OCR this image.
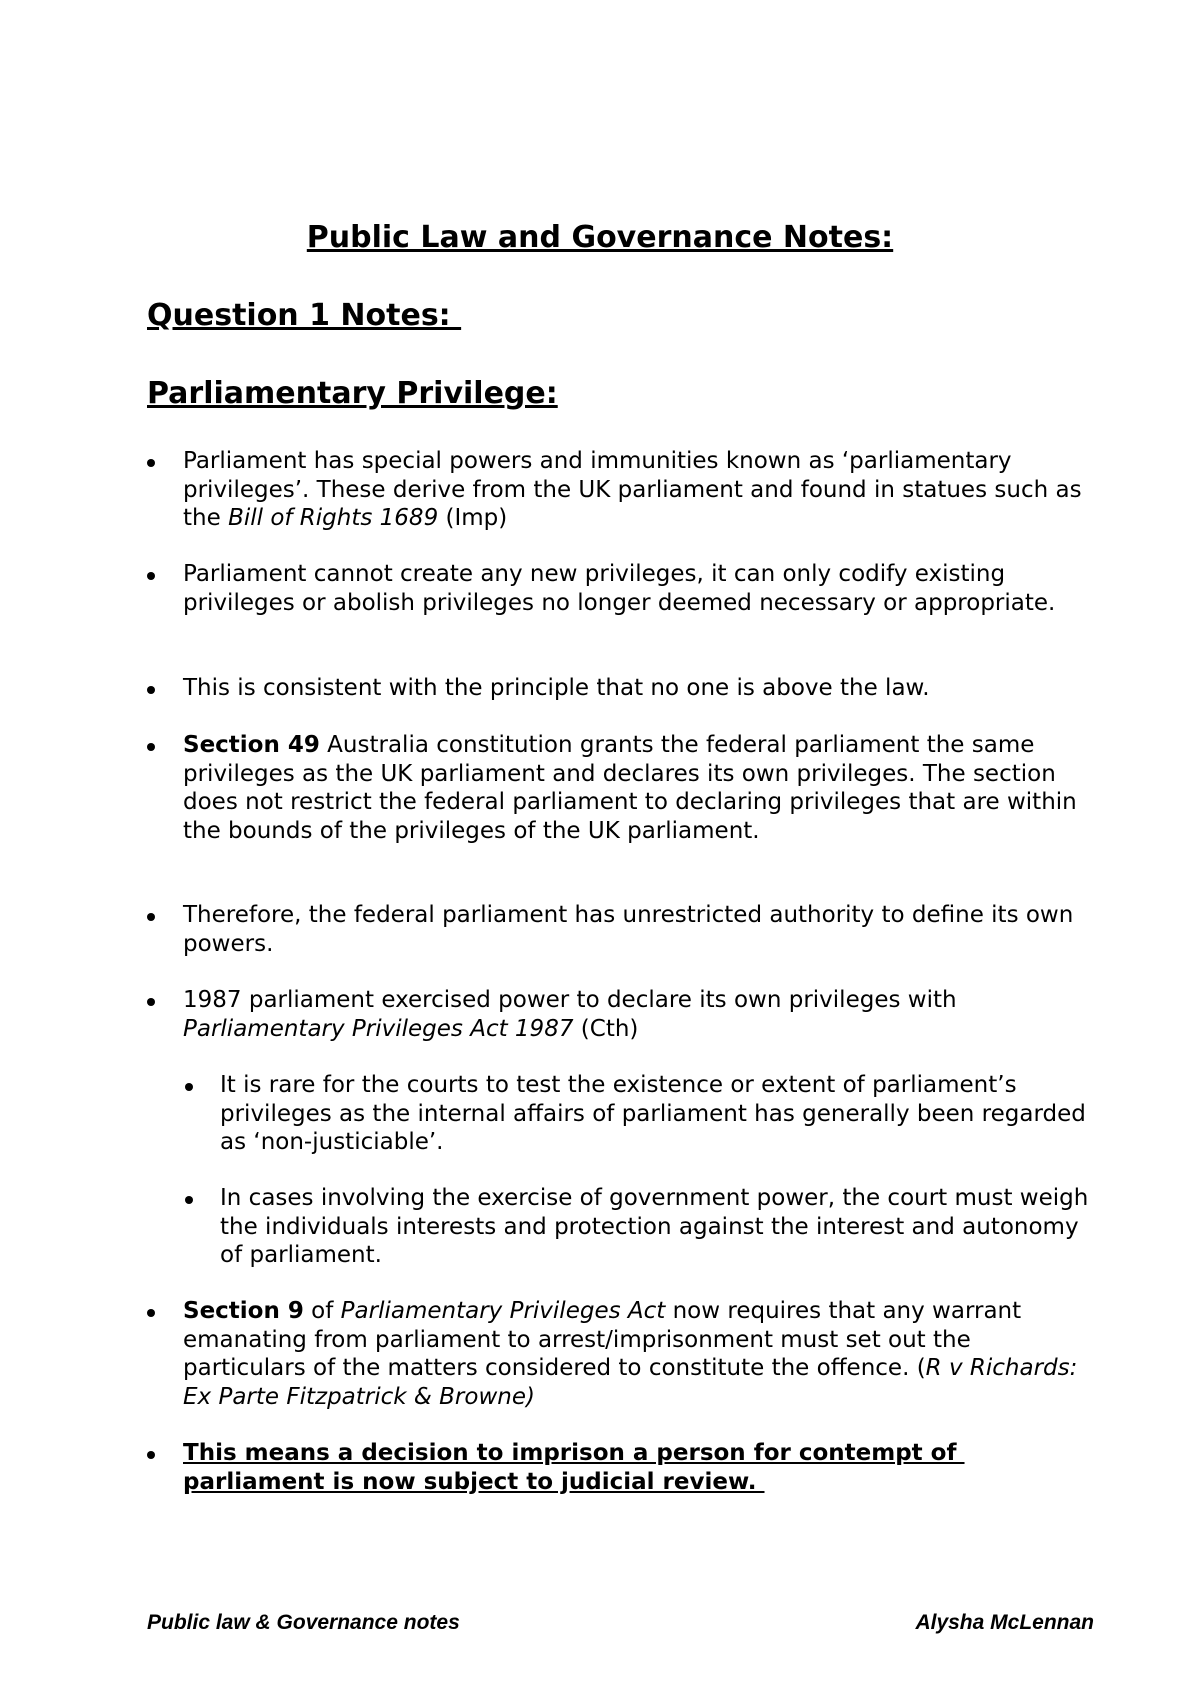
Public Law and Governance Notes:
Question 1 Notes:
Parliamentary Privilege:

Parliament has special powers and immunities known as ‘parliamentary privileges’. These derive from the UK parliament and found in statues such as the Bill of Rights 1689 (Imp)

Parliament cannot create any new privileges, it can only codify existing privileges or abolish privileges no longer deemed necessary or appropriate.

This is consistent with the principle that no one is above the law.

Section 49 Australia constitution grants the federal parliament the same privileges as the UK parliament and declares its own privileges. The section does not restrict the federal parliament to declaring privileges that are within the bounds of the privileges of the UK parliament.

Therefore, the federal parliament has unrestricted authority to define its own powers.

1987 parliament exercised power to declare its own privileges with Parliamentary Privileges Act 1987 (Cth)

It is rare for the courts to test the existence or extent of parliament’s privileges as the internal affairs of parliament has generally been regarded as ‘non-justiciable’.

In cases involving the exercise of government power, the court must weigh the individuals interests and protection against the interest and autonomy of parliament.

Section 9 of Parliamentary Privileges Act now requires that any warrant emanating from parliament to arrest/imprisonment must set out the particulars of the matters considered to constitute the offence. (R v Richards: Ex Parte Fitzpatrick & Browne)

This means a decision to imprison a person for contempt of parliament is now subject to judicial review.

Public law & Governance notes	Alysha McLennan
